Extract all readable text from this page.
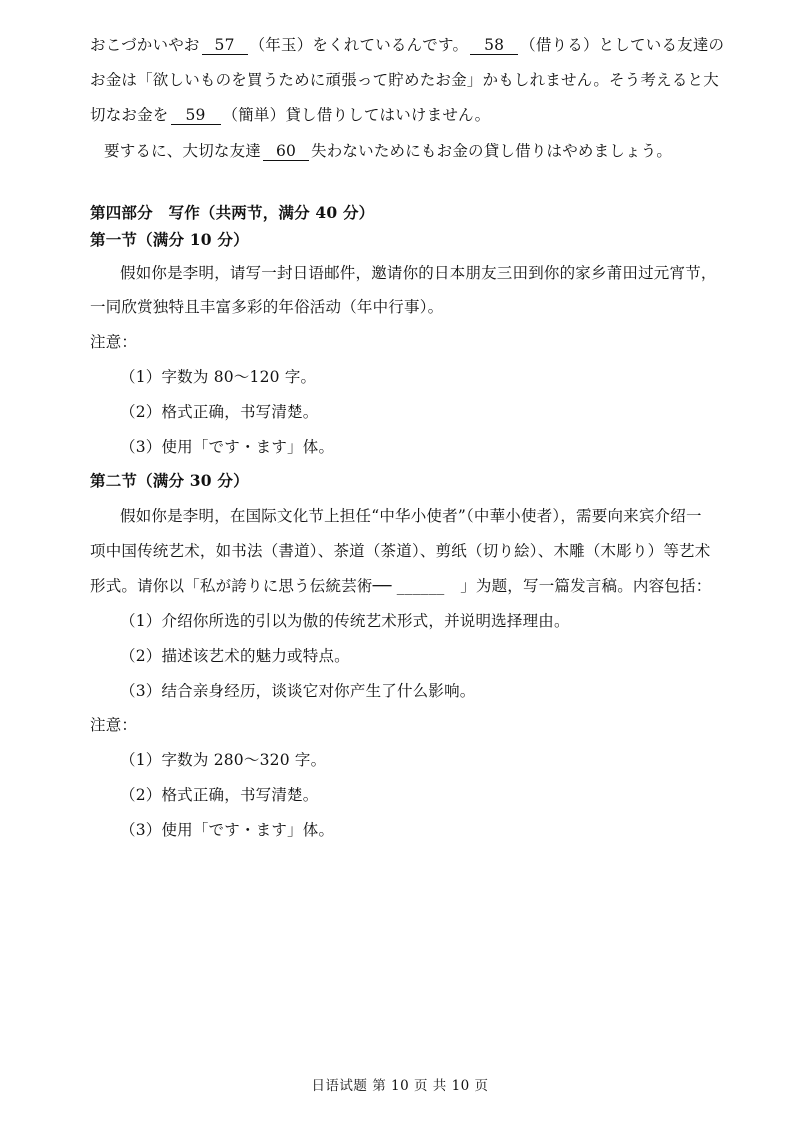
おこづかいやお 57 （年玉）をくれているんです。 58 （借りる）としている友達の
お金は「欲しいものを買うために頑張って貯めたお金」かもしれません。そう考えると大
切なお金を 59 （簡単）貸し借りしてはいけません。
要するに、大切な友達 60 失わないためにもお金の貸し借りはやめましょう。
第四部分　写作（共两节，满分 40 分）
第一节（满分 10 分）
假如你是李明，请写一封日语邮件，邀请你的日本朋友三田到你的家乡莆田过元宵节，
一同欣赏独特且丰富多彩的年俗活动（年中行事）。
注意：
（1）字数为 80～120 字。
（2）格式正确，书写清楚。
（3）使用「です・ます」体。
第二节（满分 30 分）
假如你是李明，在国际文化节上担任“中华小使者”（中華小使者），需要向来宾介绍一
项中国传统艺术，如书法（書道）、茶道（茶道）、剪纸（切り絵）、木雕（木彫り）等艺术
形式。请你以「私が誇りに思う伝統芸術── ______　」为题，写一篇发言稿。内容包括：
（1）介绍你所选的引以为傲的传统艺术形式，并说明选择理由。
（2）描述该艺术的魅力或特点。
（3）结合亲身经历，谈谈它对你产生了什么影响。
注意：
（1）字数为 280～320 字。
（2）格式正确，书写清楚。
（3）使用「です・ます」体。
日语试题 第 10 页 共 10 页
